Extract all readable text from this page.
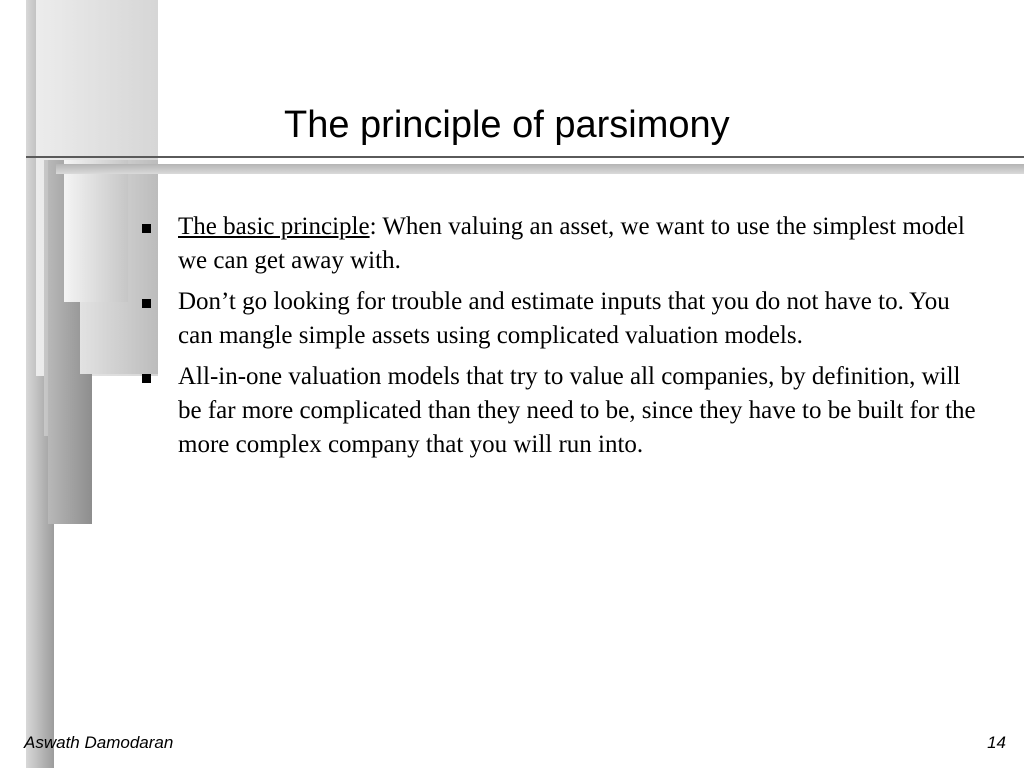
The principle of parsimony
The basic principle: When valuing an asset, we want to use the simplest model we can get away with.
Don’t go looking for trouble and estimate inputs that you do not have to. You can mangle simple assets using complicated valuation models.
All-in-one valuation models that try to value all companies, by definition, will be far more complicated than they need to be, since they have to be built for the more complex company that you will run into.
Aswath Damodaran	14
